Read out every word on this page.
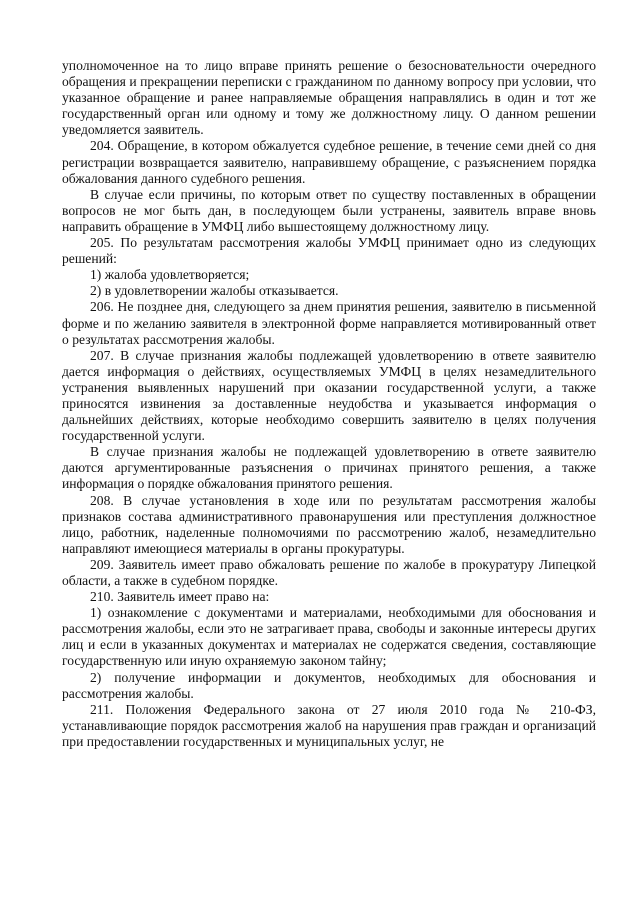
уполномоченное на то лицо вправе принять решение о безосновательности очередного обращения и прекращении переписки с гражданином по данному вопросу при условии, что указанное обращение и ранее направляемые обращения направлялись в один и тот же государственный орган или одному и тому же должностному лицу. О данном решении уведомляется заявитель.

204. Обращение, в котором обжалуется судебное решение, в течение семи дней со дня регистрации возвращается заявителю, направившему обращение, с разъяснением порядка обжалования данного судебного решения.

В случае если причины, по которым ответ по существу поставленных в обращении вопросов не мог быть дан, в последующем были устранены, заявитель вправе вновь направить обращение в УМФЦ либо вышестоящему должностному лицу.

205. По результатам рассмотрения жалобы УМФЦ принимает одно из следующих решений:

1) жалоба удовлетворяется;

2) в удовлетворении жалобы отказывается.

206. Не позднее дня, следующего за днем принятия решения, заявителю в письменной форме и по желанию заявителя в электронной форме направляется мотивированный ответ о результатах рассмотрения жалобы.

207. В случае признания жалобы подлежащей удовлетворению в ответе заявителю дается информация о действиях, осуществляемых УМФЦ в целях незамедлительного устранения выявленных нарушений при оказании государственной услуги, а также приносятся извинения за доставленные неудобства и указывается информация о дальнейших действиях, которые необходимо совершить заявителю в целях получения государственной услуги.

В случае признания жалобы не подлежащей удовлетворению в ответе заявителю даются аргументированные разъяснения о причинах принятого решения, а также информация о порядке обжалования принятого решения.

208. В случае установления в ходе или по результатам рассмотрения жалобы признаков состава административного правонарушения или преступления должностное лицо, работник, наделенные полномочиями по рассмотрению жалоб, незамедлительно направляют имеющиеся материалы в органы прокуратуры.

209. Заявитель имеет право обжаловать решение по жалобе в прокуратуру Липецкой области, а также в судебном порядке.

210. Заявитель имеет право на:

1) ознакомление с документами и материалами, необходимыми для обоснования и рассмотрения жалобы, если это не затрагивает права, свободы и законные интересы других лиц и если в указанных документах и материалах не содержатся сведения, составляющие государственную или иную охраняемую законом тайну;

2) получение информации и документов, необходимых для обоснования и рассмотрения жалобы.

211. Положения Федерального закона от 27 июля 2010 года № 210-ФЗ, устанавливающие порядок рассмотрения жалоб на нарушения прав граждан и организаций при предоставлении государственных и муниципальных услуг, не
